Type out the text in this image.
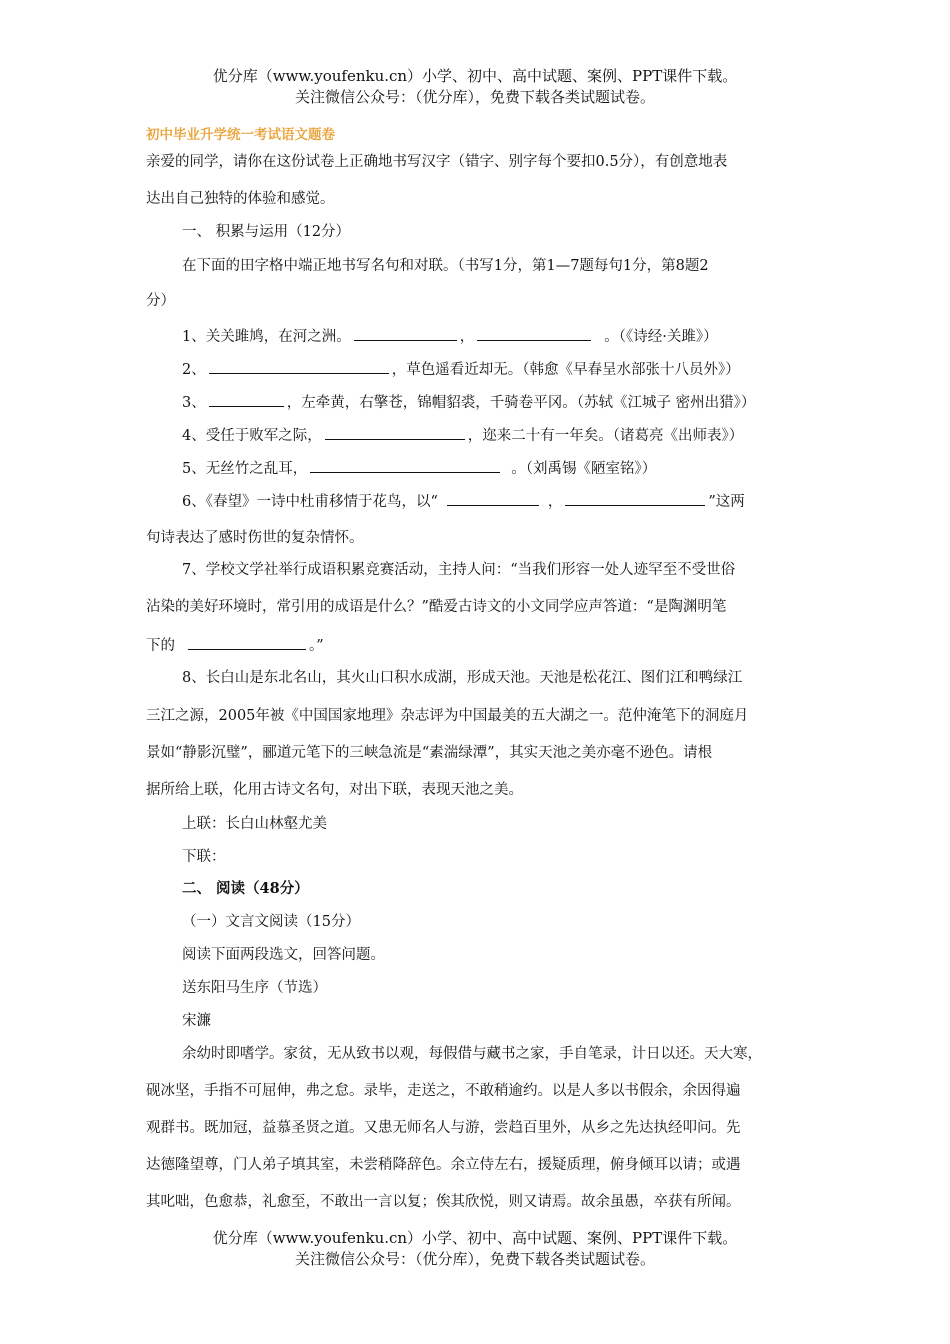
优分库（www.youfenku.cn）小学、初中、高中试题、案例、PPT课件下载。
关注微信公众号：（优分库），免费下载各类试题试卷。
初中毕业升学统一考试语文题卷
亲爱的同学，请你在这份试卷上正确地书写汉字（错字、别字每个要扣0.5分），有创意地表
达出自己独特的体验和感觉。
一、 积累与运用（12分）
在下面的田字格中端正地书写名句和对联。（书写1分，第1—7题每句1分，第8题2
分）
1、关关雎鸠，在河之洲。	，	。（《诗经·关雎》）
2、	，草色遥看近却无。（韩愈《早春呈水部张十八员外》）
3、	，左牵黄，右擎苍，锦帽貂裘，千骑卷平冈。（苏轼《江城子 密州出猎》）
4、受任于败军之际，	，迩来二十有一年矣。（诸葛亮《出师表》）
5、无丝竹之乱耳，	。（刘禹锡《陋室铭》）
6、《春望》一诗中杜甫移情于花鸟，以“	，	”这两
句诗表达了感时伤世的复杂情怀。
7、学校文学社举行成语积累竞赛活动，主持人问：“当我们形容一处人迹罕至不受世俗
沾染的美好环境时，常引用的成语是什么？”酷爱古诗文的小文同学应声答道：“是陶渊明笔
下的	。”
8、长白山是东北名山，其火山口积水成湖，形成天池。天池是松花江、图们江和鸭绿江
三江之源，2005年被《中国国家地理》杂志评为中国最美的五大湖之一。范仲淹笔下的洞庭月
景如“静影沉璧”，郦道元笔下的三峡急流是“素湍绿潭”，其实天池之美亦毫不逊色。请根
据所给上联，化用古诗文名句，对出下联，表现天池之美。
上联：长白山林壑尤美
下联：
二、 阅读（48分）
（一）文言文阅读（15分）
阅读下面两段选文，回答问题。
送东阳马生序（节选）
宋濂
余幼时即嗜学。家贫，无从致书以观，每假借与藏书之家，手自笔录，计日以还。天大寒，
砚冰坚，手指不可屈伸，弗之怠。录毕，走送之，不敢稍逾约。以是人多以书假余，余因得遍
观群书。既加冠，益慕圣贤之道。又患无师名人与游，尝趋百里外，从乡之先达执经叩问。先
达德隆望尊，门人弟子填其室，未尝稍降辞色。余立侍左右，援疑质理，俯身倾耳以请；或遇
其叱咄，色愈恭，礼愈至，不敢出一言以复；俟其欣悦，则又请焉。故余虽愚，卒获有所闻。
优分库（www.youfenku.cn）小学、初中、高中试题、案例、PPT课件下载。
关注微信公众号：（优分库），免费下载各类试题试卷。
